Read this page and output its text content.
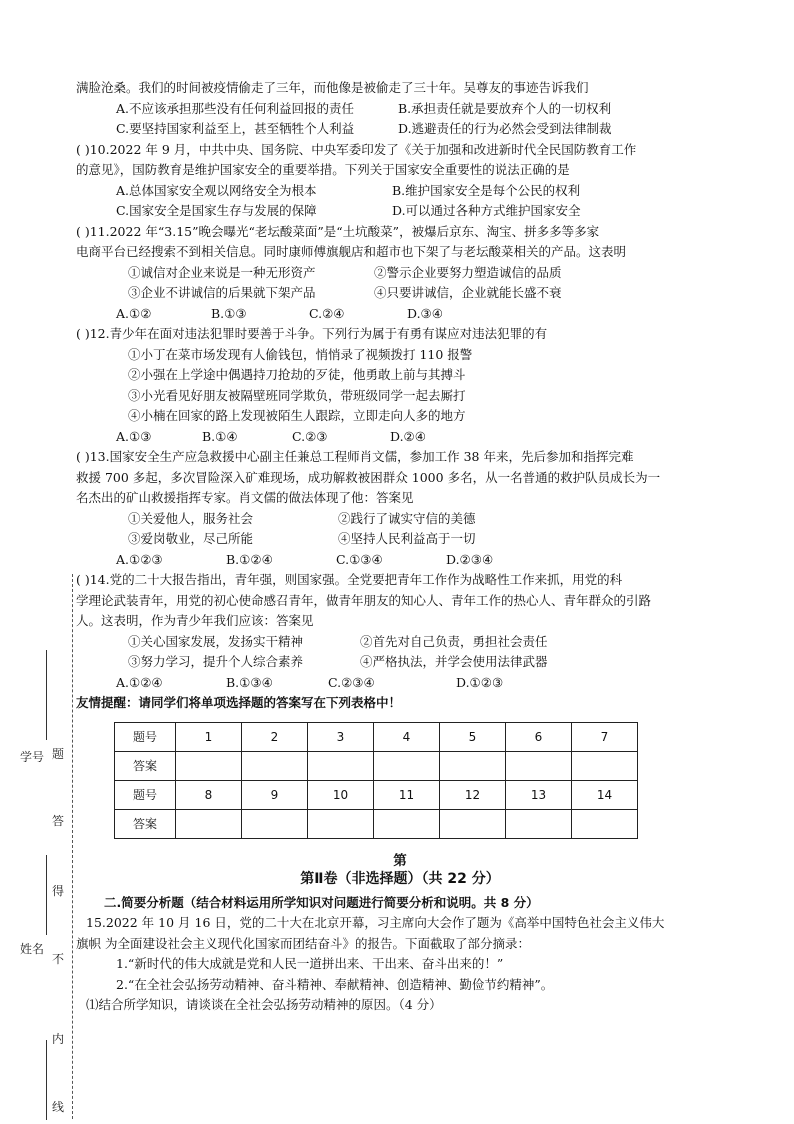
满脸沧桑。我们的时间被疫情偷走了三年，而他像是被偷走了三十年。吴尊友的事迹告诉我们
A.不应该承担那些没有任何利益回报的责任	B.承担责任就是要放弃个人的一切权利
C.要坚持国家利益至上，甚至牺牲个人利益	D.逃避责任的行为必然会受到法律制裁
( )10.2022 年 9 月，中共中央、国务院、中央军委印发了《关于加强和改进新时代全民国防教育工作
的意见》，国防教育是维护国家安全的重要举措。下列关于国家安全重要性的说法正确的是
A.总体国家安全观以网络安全为根本	B.维护国家安全是每个公民的权利
C.国家安全是国家生存与发展的保障	D.可以通过各种方式维护国家安全
( )11.2022 年“3.15”晚会曝光“老坛酸菜面”是“土坑酸菜”，被爆后京东、淘宝、拼多多等多家
电商平台已经搜索不到相关信息。同时康师傅旗舰店和超市也下架了与老坛酸菜相关的产品。这表明
①诚信对企业来说是一种无形资产	②警示企业要努力塑造诚信的品质
③企业不讲诚信的后果就下架产品	④只要讲诚信，企业就能长盛不衰
A.①②	B.①③	C.②④	D.③④
( )12.青少年在面对违法犯罪时要善于斗争。下列行为属于有勇有谋应对违法犯罪的有
①小丁在菜市场发现有人偷钱包，悄悄录了视频拨打 110 报警
②小强在上学途中偶遇持刀抢劫的歹徒，他勇敢上前与其搏斗
③小光看见好朋友被隔壁班同学欺负，带班级同学一起去厮打
④小楠在回家的路上发现被陌生人跟踪，立即走向人多的地方
A.①③	B.①④	C.②③	D.②④
( )13.国家安全生产应急救援中心副主任兼总工程师肖文儒，参加工作 38 年来，先后参加和指挥完难
救援 700 多起，多次冒险深入矿难现场，成功解救被困群众 1000 多名，从一名普通的救护队员成长为一
名杰出的矿山救援指挥专家。肖文儒的做法体现了他：答案见
①关爱他人，服务社会	②践行了诚实守信的美德
③爱岗敬业，尽己所能	④坚持人民利益高于一切
A.①②③	B.①②④	C.①③④	D.②③④
( )14.党的二十大报告指出，青年强，则国家强。全党要把青年工作作为战略性工作来抓，用党的科
学理论武装青年，用党的初心使命感召青年，做青年朋友的知心人、青年工作的热心人、青年群众的引路
人。这表明，作为青少年我们应该：答案见
①关心国家发展，发扬实干精神	②首先对自己负责，勇担社会责任
③努力学习，提升个人综合素养	④严格执法，并学会使用法律武器
A.①②④	B.①③④	C.②③④	D.①②③
友情提醒：请同学们将单项选择题的答案写在下列表格中！
题号	1	2	3	4	5	6	7
答案							
题号	8	9	10	11	12	13	14
答案							
第
第Ⅱ卷（非选择题）（共 22 分）
二.简要分析题（结合材料运用所学知识对问题进行简要分析和说明。共 8 分）
15.2022 年 10 月 16 日，党的二十大在北京开幕，习主席向大会作了题为《高举中国特色社会主义伟大
旗帜 为全面建设社会主义现代化国家而团结奋斗》的报告。下面截取了部分摘录：
1.“新时代的伟大成就是党和人民一道拼出来、干出来、奋斗出来的！”
2.“在全社会弘扬劳动精神、奋斗精神、奉献精神、创造精神、勤俭节约精神”。
⑴结合所学知识，请谈谈在全社会弘扬劳动精神的原因。（4 分）
学号
姓名
题
答
得
不
内
线
